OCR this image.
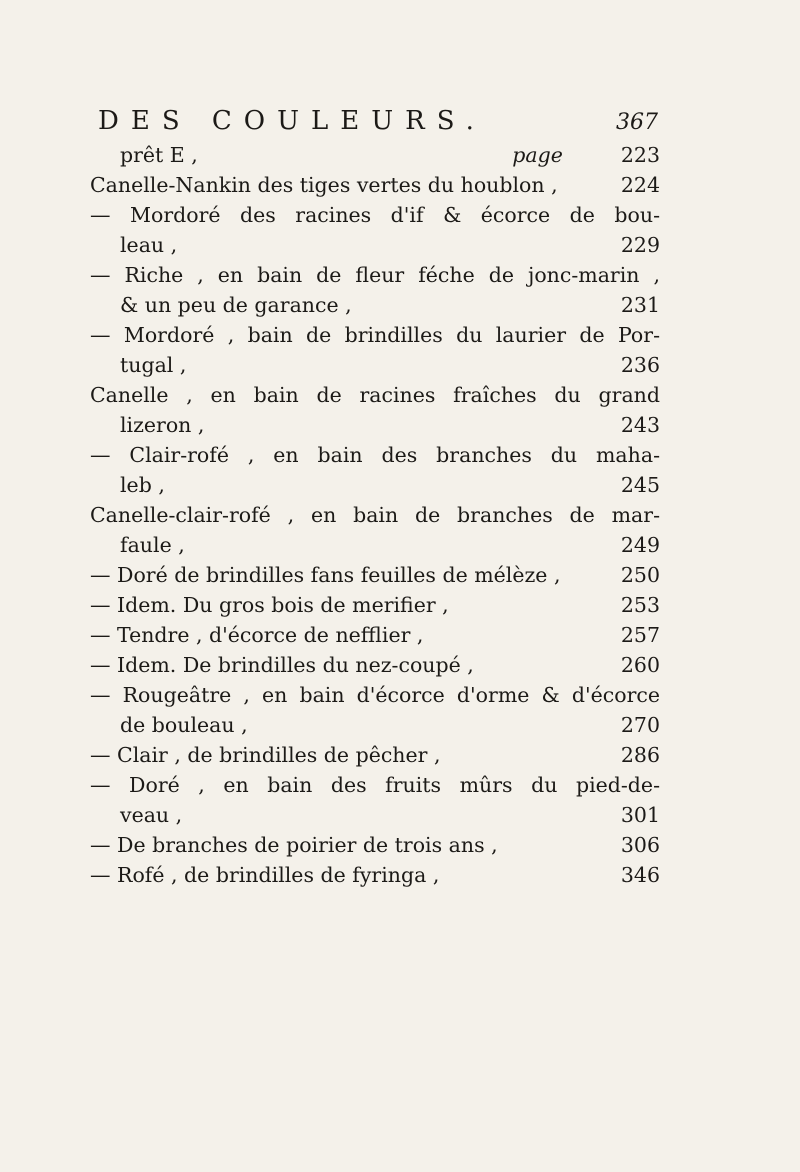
DES COULEURS.	367
prêt E ,	page	223
Canelle-Nankin des tiges vertes du houblon ,	224
— Mordoré des racines d'if & écorce de bou-
leau ,	229
— Riche , en bain de fleur féche de jonc-marin ,
& un peu de garance ,	231
— Mordoré , bain de brindilles du laurier de Por-
tugal ,	236
Canelle , en bain de racines fraîches du grand
lizeron ,	243
— Clair-rofé , en bain des branches du maha-
leb ,	245
Canelle-clair-rofé , en bain de branches de mar-
faule ,	249
— Doré de brindilles fans feuilles de mélèze ,	250
— Idem. Du gros bois de merifier ,	253
— Tendre , d'écorce de nefflier ,	257
— Idem. De brindilles du nez-coupé ,	260
— Rougeâtre , en bain d'écorce d'orme & d'écorce
de bouleau ,	270
— Clair , de brindilles de pêcher ,	286
— Doré , en bain des fruits mûrs du pied-de-
veau ,	301
— De branches de poirier de trois ans ,	306
— Rofé , de brindilles de fyringa ,	346
